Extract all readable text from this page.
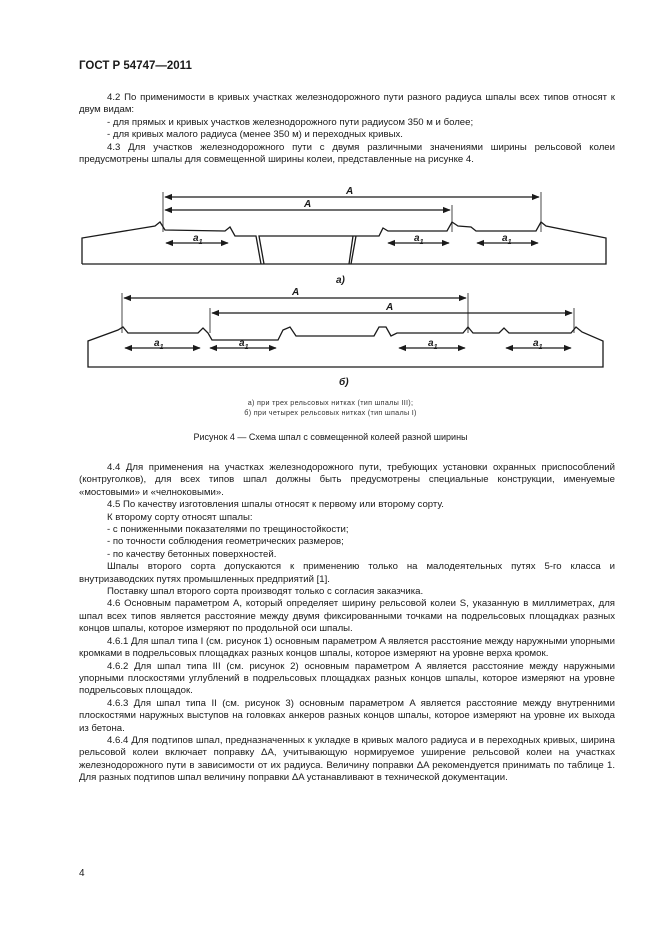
ГОСТ Р 54747—2011

4.2 По применимости в кривых участках железнодорожного пути разного радиуса шпалы всех типов относят к двум видам:

- для прямых и кривых участков железнодорожного пути радиусом 350 м и более;

- для кривых малого радиуса (менее 350 м) и переходных кривых.

4.3 Для участков железнодорожного пути с двумя различными значениями ширины рельсовой колеи предусмотрены шпалы для совмещенной ширины колеи, представленные на рисунке 4.

A
A
$a_1$	$a_1$	$a_1$
а)
A
A
$a_1$	$a_1$	$a_1$	$a_1$
б)
а) при трех рельсовых нитках (тип шпалы III);
б) при четырех рельсовых нитках (тип шпалы I)
Рисунок 4 — Схема шпал с совмещенной колеей разной ширины

4.4 Для применения на участках железнодорожного пути, требующих установки охранных приспособлений (контруголков), для всех типов шпал должны быть предусмотрены специальные конструкции, именуемые «мостовыми» и «челноковыми».

4.5 По качеству изготовления шпалы относят к первому или второму сорту.

К второму сорту относят шпалы:

- с пониженными показателями по трещиностойкости;

- по точности соблюдения геометрических размеров;

- по качеству бетонных поверхностей.

Шпалы второго сорта допускаются к применению только на малодеятельных путях 5-го класса и внутризаводских путях промышленных предприятий [1].

Поставку шпал второго сорта производят только с согласия заказчика.

4.6 Основным параметром A, который определяет ширину рельсовой колеи S, указанную в миллиметрах, для шпал всех типов является расстояние между двумя фиксированными точками на подрельсовых площадках разных концов шпалы, которое измеряют по продольной оси шпалы.

4.6.1 Для шпал типа I (см. рисунок 1) основным параметром A является расстояние между наружными упорными кромками в подрельсовых площадках разных концов шпалы, которое измеряют на уровне верха кромок.

4.6.2 Для шпал типа III (см. рисунок 2) основным параметром A является расстояние между наружными упорными плоскостями углублений в подрельсовых площадках разных концов шпалы, которое измеряют на уровне подрельсовых площадок.

4.6.3 Для шпал типа II (см. рисунок 3) основным параметром A является расстояние между внутренними плоскостями наружных выступов на головках анкеров разных концов шпалы, которое измеряют на уровне их выхода из бетона.

4.6.4 Для подтипов шпал, предназначенных к укладке в кривых малого радиуса и в переходных кривых, ширина рельсовой колеи включает поправку ΔA, учитывающую нормируемое уширение рельсовой колеи на участках железнодорожного пути в зависимости от их радиуса. Величину поправки ΔA рекомендуется принимать по таблице 1. Для разных подтипов шпал величину поправки ΔA устанавливают в технической документации.

4
